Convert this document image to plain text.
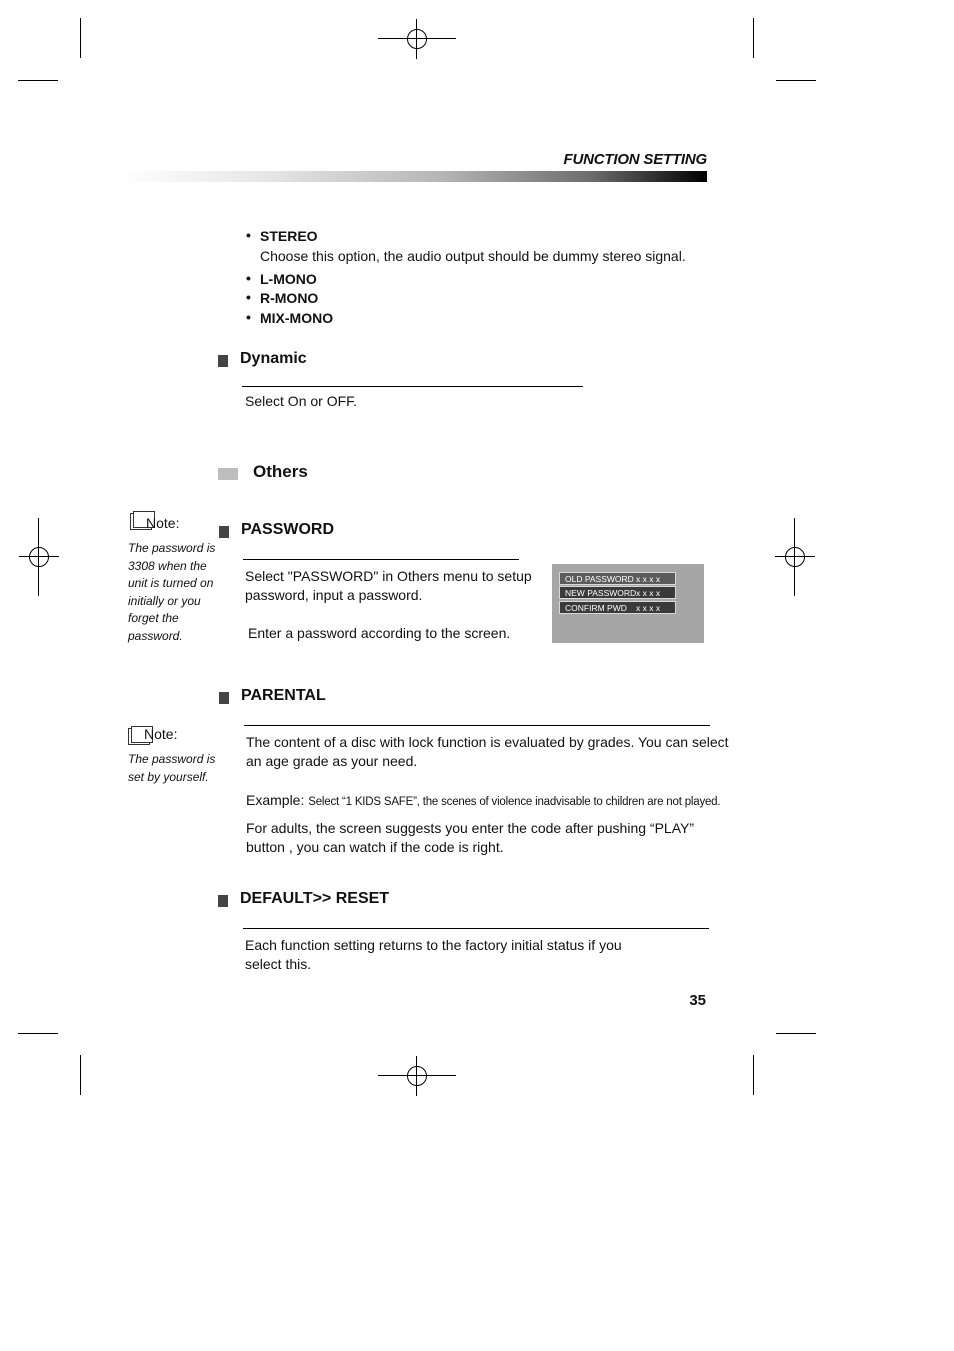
FUNCTION SETTING
• STEREO
Choose this option, the audio output should be dummy stereo signal.
• L-MONO
• R-MONO
• MIX-MONO
Dynamic
Select On or OFF.
Others
Note:
The password is
3308 when the
unit is turned on
initially or you
forget the
password.
PASSWORD
Select "PASSWORD" in Others menu to setup
password, input a password.
Enter a password according to the screen.
OLD PASSWORD x x x x
NEW PASSWORD x x x x
CONFIRM PWD x x x x
PARENTAL
Note:
The password is
set by yourself.
The content of a disc with lock function is evaluated by grades. You can select
an age grade as your need.
Example: Select “1 KIDS SAFE”, the scenes of violence inadvisable to children are not played.
For adults, the screen suggests you enter the code after pushing “PLAY”
button , you can watch if the code is right.
DEFAULT>> RESET
Each function setting returns to the factory initial status if you
select this.
35
